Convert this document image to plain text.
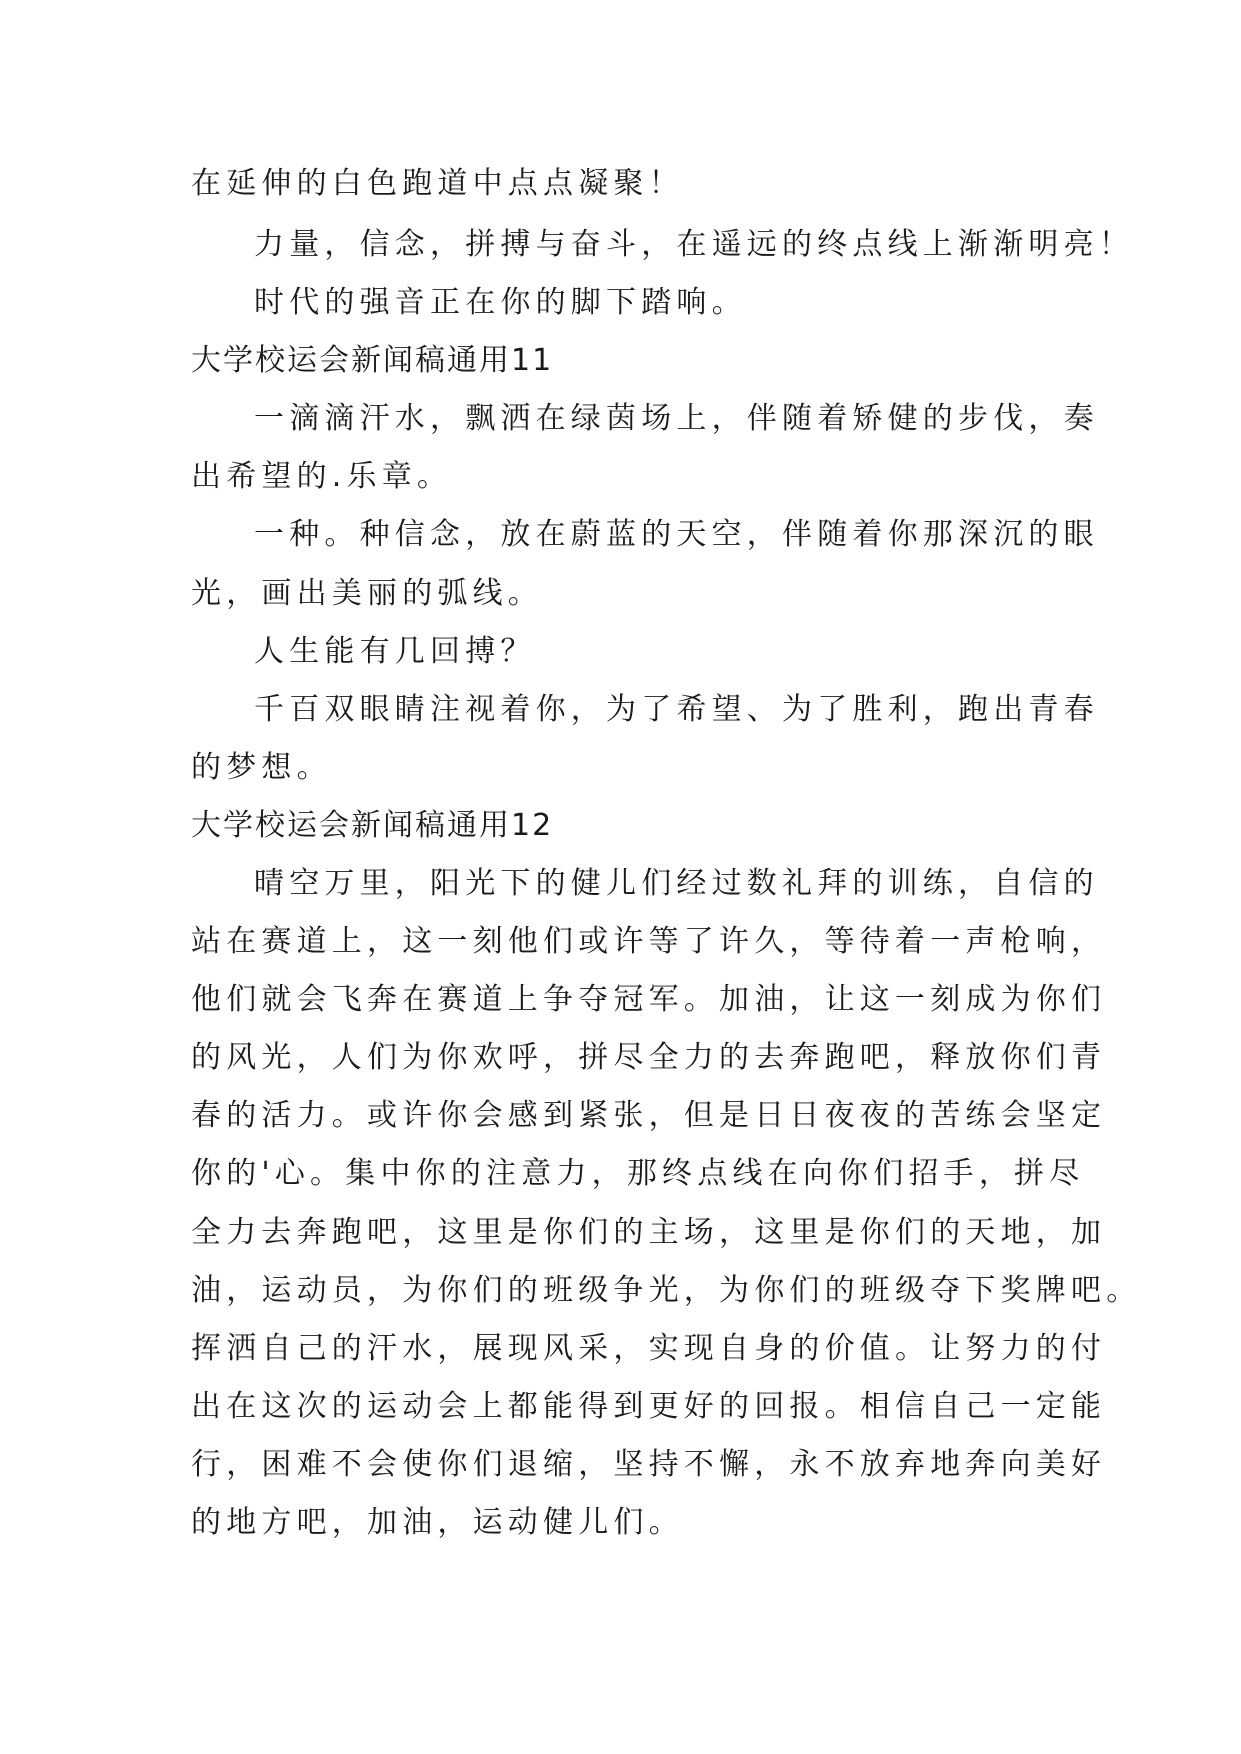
在延伸的白色跑道中点点凝聚！
力量，信念，拼搏与奋斗，在遥远的终点线上渐渐明亮！
时代的强音正在你的脚下踏响。
大学校运会新闻稿通用11
一滴滴汗水，飘洒在绿茵场上，伴随着矫健的步伐，奏
出希望的.乐章。
一种。种信念，放在蔚蓝的天空，伴随着你那深沉的眼
光，画出美丽的弧线。
人生能有几回搏？
千百双眼睛注视着你，为了希望、为了胜利，跑出青春
的梦想。
大学校运会新闻稿通用12
晴空万里，阳光下的健儿们经过数礼拜的训练，自信的
站在赛道上，这一刻他们或许等了许久，等待着一声枪响，
他们就会飞奔在赛道上争夺冠军。加油，让这一刻成为你们
的风光，人们为你欢呼，拼尽全力的去奔跑吧，释放你们青
春的活力。或许你会感到紧张，但是日日夜夜的苦练会坚定
你的'心。集中你的注意力，那终点线在向你们招手，拼尽
全力去奔跑吧，这里是你们的主场，这里是你们的天地，加
油，运动员，为你们的班级争光，为你们的班级夺下奖牌吧。
挥洒自己的汗水，展现风采，实现自身的价值。让努力的付
出在这次的运动会上都能得到更好的回报。相信自己一定能
行，困难不会使你们退缩，坚持不懈，永不放弃地奔向美好
的地方吧，加油，运动健儿们。
